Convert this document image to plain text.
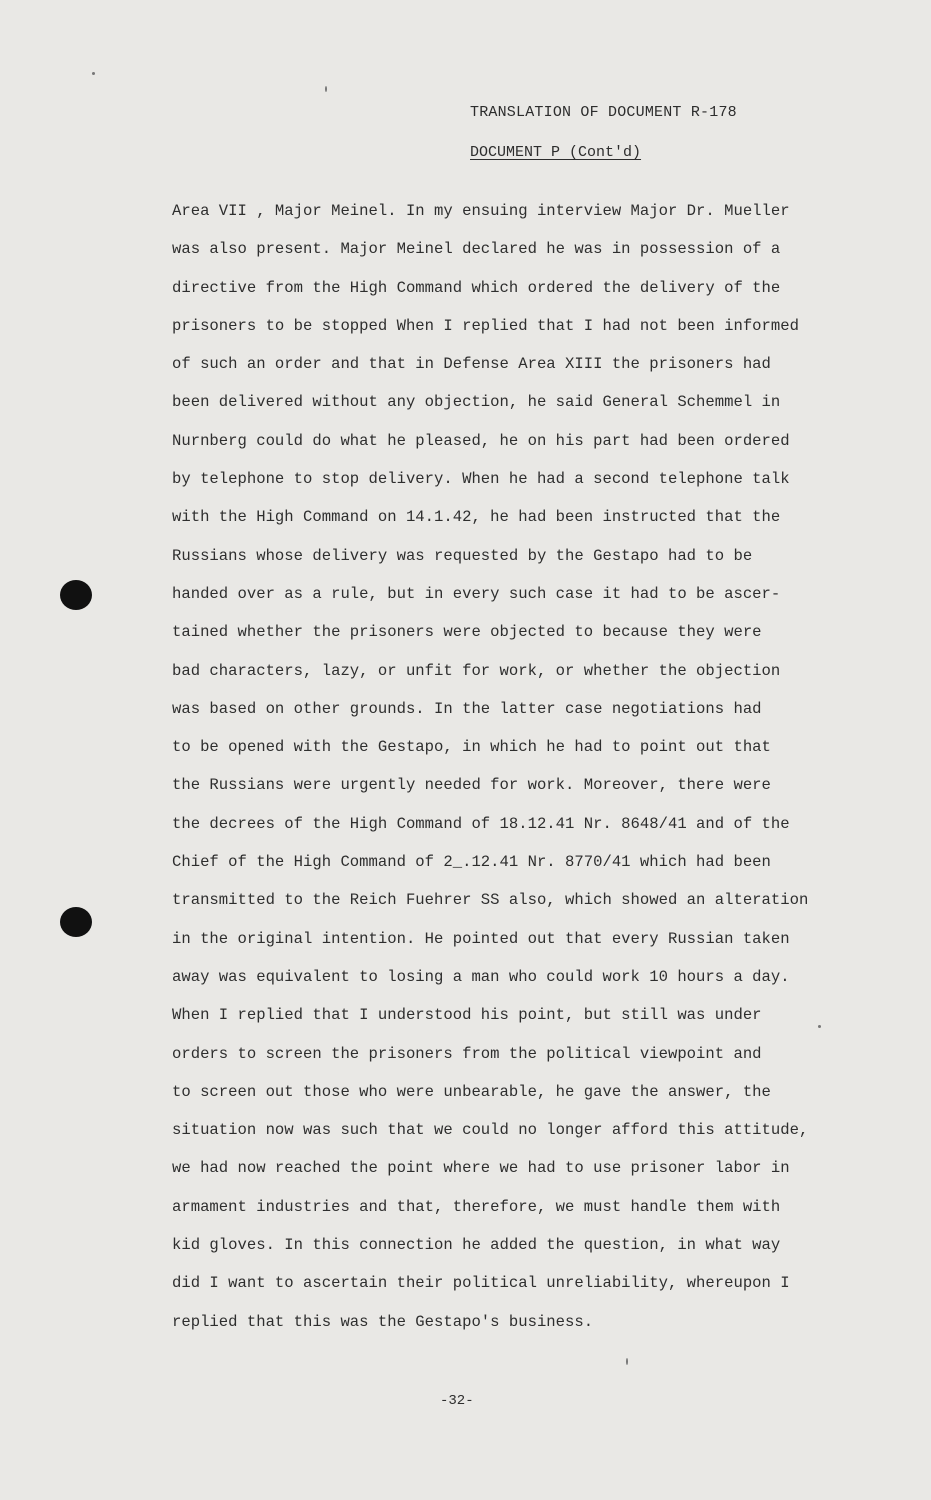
TRANSLATION OF DOCUMENT R-178
DOCUMENT P (Cont'd)
Area VII , Major Meinel. In my ensuing interview Major Dr. Mueller
was also present. Major Meinel declared he was in possession of a
directive from the High Command which ordered the delivery of the
prisoners to be stopped When I replied that I had not been informed
of such an order and that in Defense Area XIII the prisoners had
been delivered without any objection, he said General Schemmel in
Nurnberg could do what he pleased, he on his part had been ordered
by telephone to stop delivery. When he had a second telephone talk
with the High Command on 14.1.42, he had been instructed that the
Russians whose delivery was requested by the Gestapo had to be
handed over as a rule, but in every such case it had to be ascer-
tained whether the prisoners were objected to because they were
bad characters, lazy, or unfit for work, or whether the objection
was based on other grounds. In the latter case negotiations had
to be opened with the Gestapo, in which he had to point out that
the Russians were urgently needed for work. Moreover, there were
the decrees of the High Command of 18.12.41 Nr. 8648/41 and of the
Chief of the High Command of 2_.12.41 Nr. 8770/41 which had been
transmitted to the Reich Fuehrer SS also, which showed an alteration
in the original intention. He pointed out that every Russian taken
away was equivalent to losing a man who could work 10 hours a day.
When I replied that I understood his point, but still was under
orders to screen the prisoners from the political viewpoint and
to screen out those who were unbearable, he gave the answer, the
situation now was such that we could no longer afford this attitude,
we had now reached the point where we had to use prisoner labor in
armament industries and that, therefore, we must handle them with
kid gloves. In this connection he added the question, in what way
did I want to ascertain their political unreliability, whereupon I
replied that this was the Gestapo's business.
-32-
